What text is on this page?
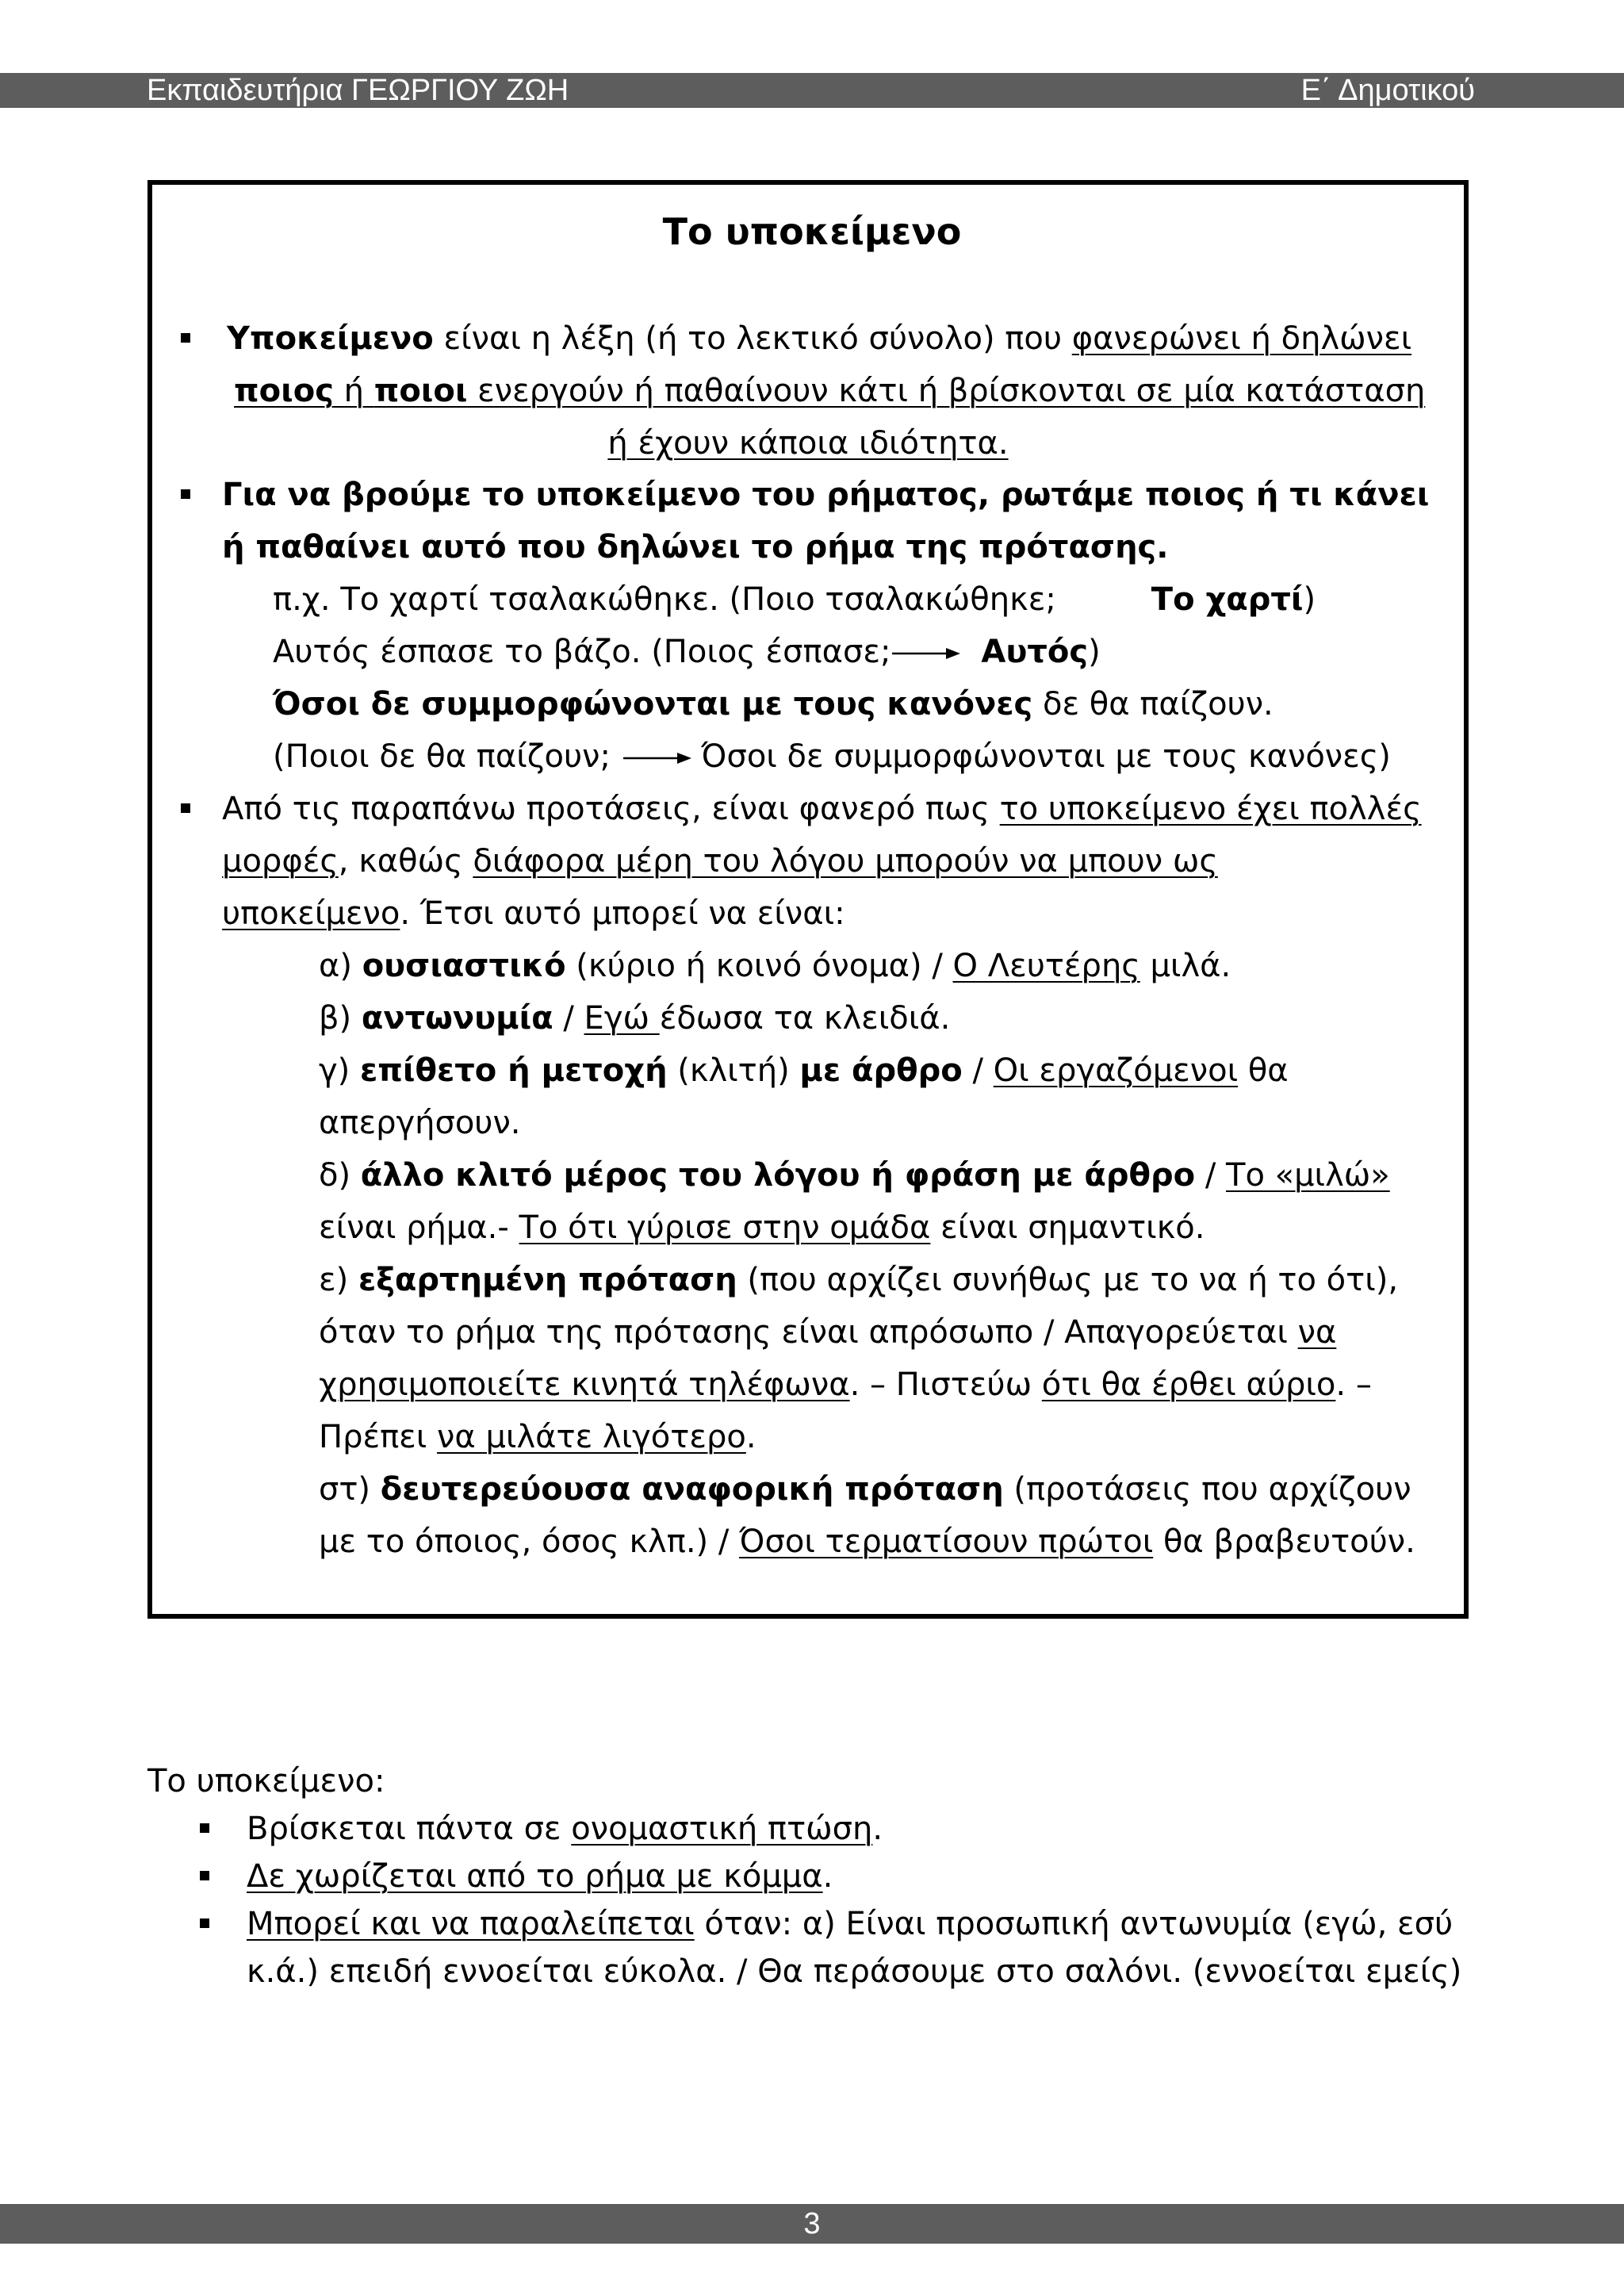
Εκπαιδευτήρια ΓΕΩΡΓΙΟΥ ΖΩΗ	Ε΄ Δημοτικού
Το υποκείμενο
Υποκείμενο είναι η λέξη (ή το λεκτικό σύνολο) που φανερώνει ή δηλώνει
ποιος ή ποιοι ενεργούν ή παθαίνουν κάτι ή βρίσκονται σε μία κατάσταση
ή έχουν κάποια ιδιότητα.
Για να βρούμε το υποκείμενο του ρήματος, ρωτάμε ποιος ή τι κάνει
ή παθαίνει αυτό που δηλώνει το ρήμα της πρότασης.
π.χ. Το χαρτί τσαλακώθηκε. (Ποιο τσαλακώθηκε;	Το χαρτί)
Αυτός έσπασε το βάζο. (Ποιος έσπασε;	Αυτός)
Όσοι δε συμμορφώνονται με τους κανόνες δε θα παίζουν.
(Ποιοι δε θα παίζουν;	Όσοι δε συμμορφώνονται με τους κανόνες)
Από τις παραπάνω προτάσεις, είναι φανερό πως το υποκείμενο έχει πολλές
μορφές, καθώς διάφορα μέρη του λόγου μπορούν να μπουν ως
υποκείμενο. Έτσι αυτό μπορεί να είναι:
α) ουσιαστικό (κύριο ή κοινό όνομα) / Ο Λευτέρης μιλά.
β) αντωνυμία / Εγώ έδωσα τα κλειδιά.
γ) επίθετο ή μετοχή (κλιτή) με άρθρο / Οι εργαζόμενοι θα
απεργήσουν.
δ) άλλο κλιτό μέρος του λόγου ή φράση με άρθρο / Το «μιλώ»
είναι ρήμα.- Το ότι γύρισε στην ομάδα είναι σημαντικό.
ε) εξαρτημένη πρόταση (που αρχίζει συνήθως με το να ή το ότι),
όταν το ρήμα της πρότασης είναι απρόσωπο / Απαγορεύεται να
χρησιμοποιείτε κινητά τηλέφωνα. – Πιστεύω ότι θα έρθει αύριο. –
Πρέπει να μιλάτε λιγότερο.
στ) δευτερεύουσα αναφορική πρόταση (προτάσεις που αρχίζουν
με το όποιος, όσος κλπ.) / Όσοι τερματίσουν πρώτοι θα βραβευτούν.
Το υποκείμενο:
Βρίσκεται πάντα σε ονομαστική πτώση.
Δε χωρίζεται από το ρήμα με κόμμα.
Μπορεί και να παραλείπεται όταν: α) Είναι προσωπική αντωνυμία (εγώ, εσύ
κ.ά.) επειδή εννοείται εύκολα. / Θα περάσουμε στο σαλόνι. (εννοείται εμείς)
3
